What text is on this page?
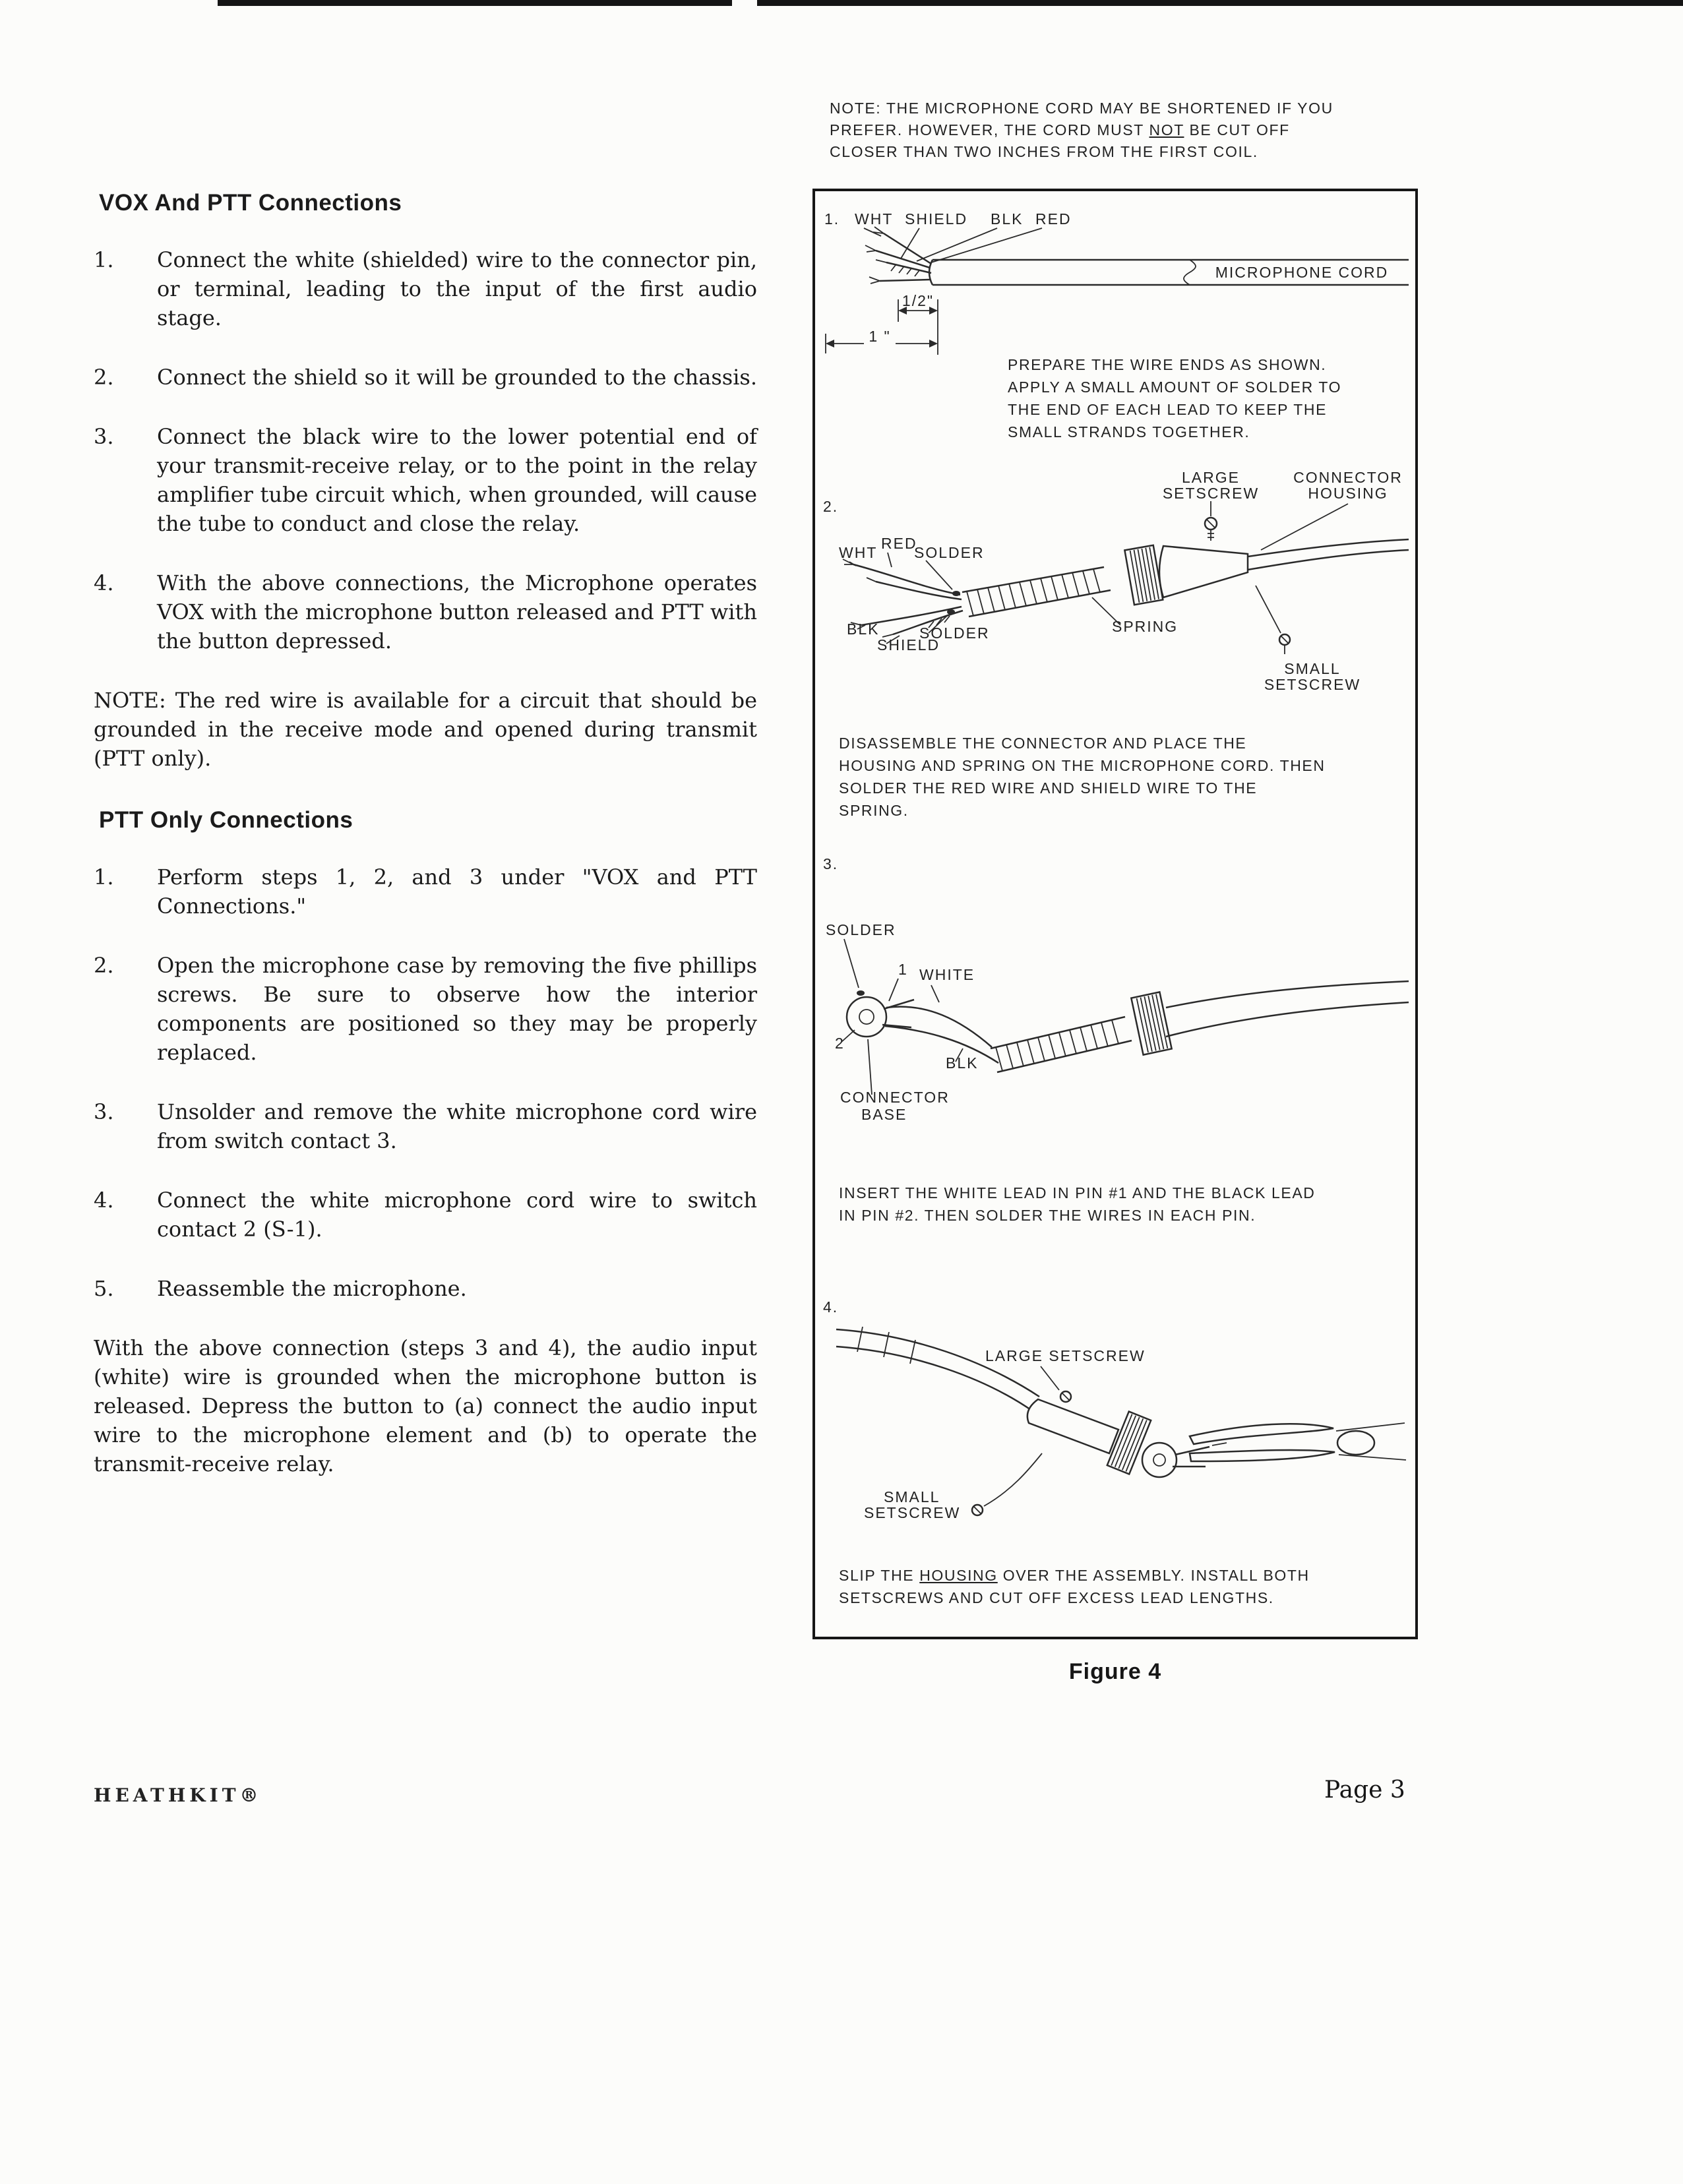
VOX And PTT Connections
1.	Connect the white (shielded) wire to the connector pin, or terminal, leading to the input of the first audio stage.
2.	Connect the shield so it will be grounded to the chassis.
3.	Connect the black wire to the lower potential end of your transmit-receive relay, or to the point in the relay amplifier tube circuit which, when grounded, will cause the tube to conduct and close the relay.
4.	With the above connections, the Microphone operates VOX with the microphone button released and PTT with the button depressed.

NOTE: The red wire is available for a circuit that should be grounded in the receive mode and opened during transmit (PTT only).

PTT Only Connections
1.	Perform steps 1, 2, and 3 under "VOX and PTT Connections."
2.	Open the microphone case by removing the five phillips screws. Be sure to observe how the interior components are positioned so they may be properly replaced.
3.	Unsolder and remove the white microphone cord wire from switch contact 3.
4.	Connect the white microphone cord wire to switch contact 2 (S-1).
5.	Reassemble the microphone.

With the above connection (steps 3 and 4), the audio input (white) wire is grounded when the microphone button is released. Depress the button to (a) connect the audio input wire to the microphone element and (b) to operate the transmit-receive relay.

NOTE: THE MICROPHONE CORD MAY BE SHORTENED IF YOU PREFER. HOWEVER, THE CORD MUST NOT BE CUT OFF CLOSER THAN TWO INCHES FROM THE FIRST COIL.
1. WHT SHIELD BLK RED
MICROPHONE CORD
1/2"
1 "
PREPARE THE WIRE ENDS AS SHOWN. APPLY A SMALL AMOUNT OF SOLDER TO THE END OF EACH LEAD TO KEEP THE SMALL STRANDS TOGETHER.
2.
LARGE
SETSCREW
CONNECTOR
HOUSING
WHT
RED
SOLDER
BLK
SHIELD
SOLDER	SPRING
SMALL
SETSCREW
DISASSEMBLE THE CONNECTOR AND PLACE THE HOUSING AND SPRING ON THE MICROPHONE CORD. THEN SOLDER THE RED WIRE AND SHIELD WIRE TO THE SPRING.
3.
SOLDER
WHITE
1
2
BLK
CONNECTOR
BASE
INSERT THE WHITE LEAD IN PIN #1 AND THE BLACK LEAD IN PIN #2. THEN SOLDER THE WIRES IN EACH PIN.
4.
LARGE SETSCREW
SMALL
SETSCREW
SLIP THE HOUSING OVER THE ASSEMBLY. INSTALL BOTH SETSCREWS AND CUT OFF EXCESS LEAD LENGTHS.
Figure 4
HEATHKIT®	Page 3
